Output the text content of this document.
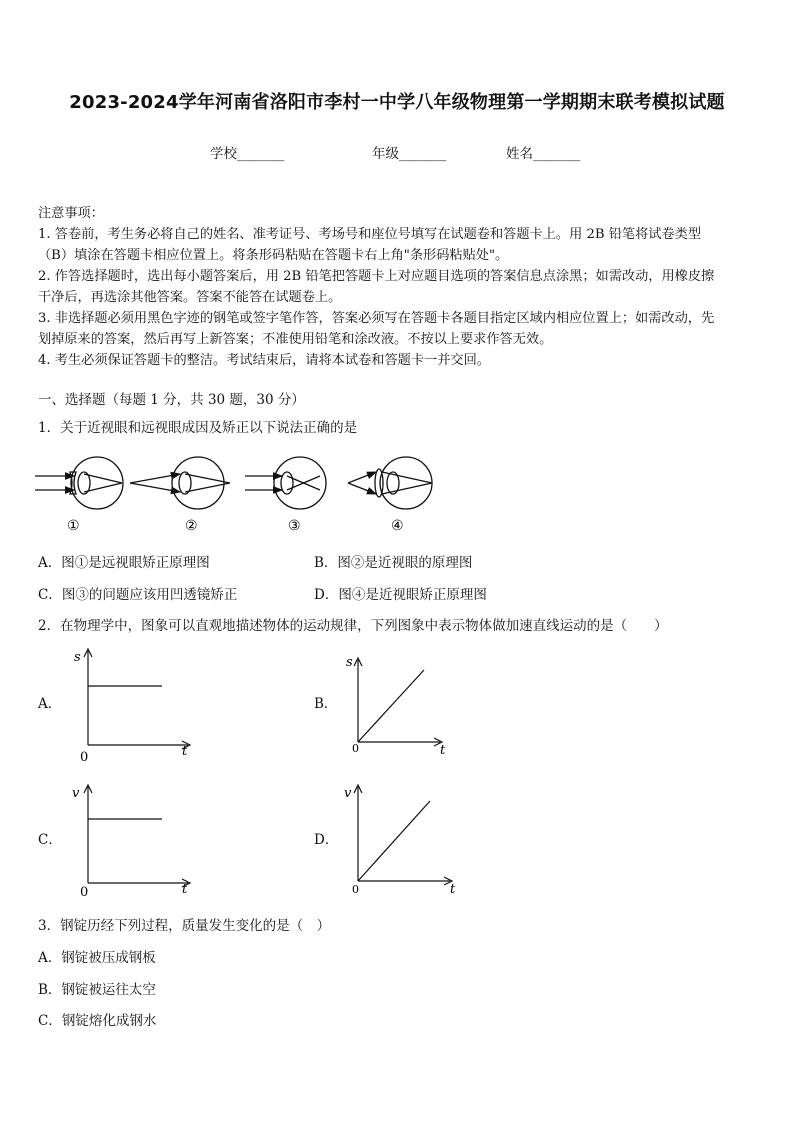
2023-2024学年河南省洛阳市李村一中学八年级物理第一学期期末联考模拟试题
学校_______	年级_______	姓名_______

注意事项：

1. 答卷前，考生务必将自己的姓名、准考证号、考场号和座位号填写在试题卷和答题卡上。用 2B 铅笔将试卷类型

（B）填涂在答题卡相应位置上。将条形码粘贴在答题卡右上角"条形码粘贴处"。

2. 作答选择题时，选出每小题答案后，用 2B 铅笔把答题卡上对应题目选项的答案信息点涂黑；如需改动，用橡皮擦

干净后，再选涂其他答案。答案不能答在试题卷上。

3. 非选择题必须用黑色字迹的钢笔或签字笔作答，答案必须写在答题卡各题目指定区域内相应位置上；如需改动，先

划掉原来的答案，然后再写上新答案；不准使用铅笔和涂改液。不按以上要求作答无效。

4. 考生必须保证答题卡的整洁。考试结束后，请将本试卷和答题卡一并交回。

一、选择题（每题 1 分，共 30 题，30 分）
1．关于近视眼和远视眼成因及矫正以下说法正确的是
①	②	③	④
A．图①是远视眼矫正原理图	B．图②是近视眼的原理图
C．图③的问题应该用凹透镜矫正	D．图④是近视眼矫正原理图
2．在物理学中，图象可以直观地描述物体的运动规律，下列图象中表示物体做加速直线运动的是（　　）
A．	B．
C．	D．
s
t
0
s
t
0
v
t
0
v
t
0
3．钢锭历经下列过程，质量发生变化的是（　）
A．钢锭被压成钢板
B．钢锭被运往太空
C．钢锭熔化成钢水
